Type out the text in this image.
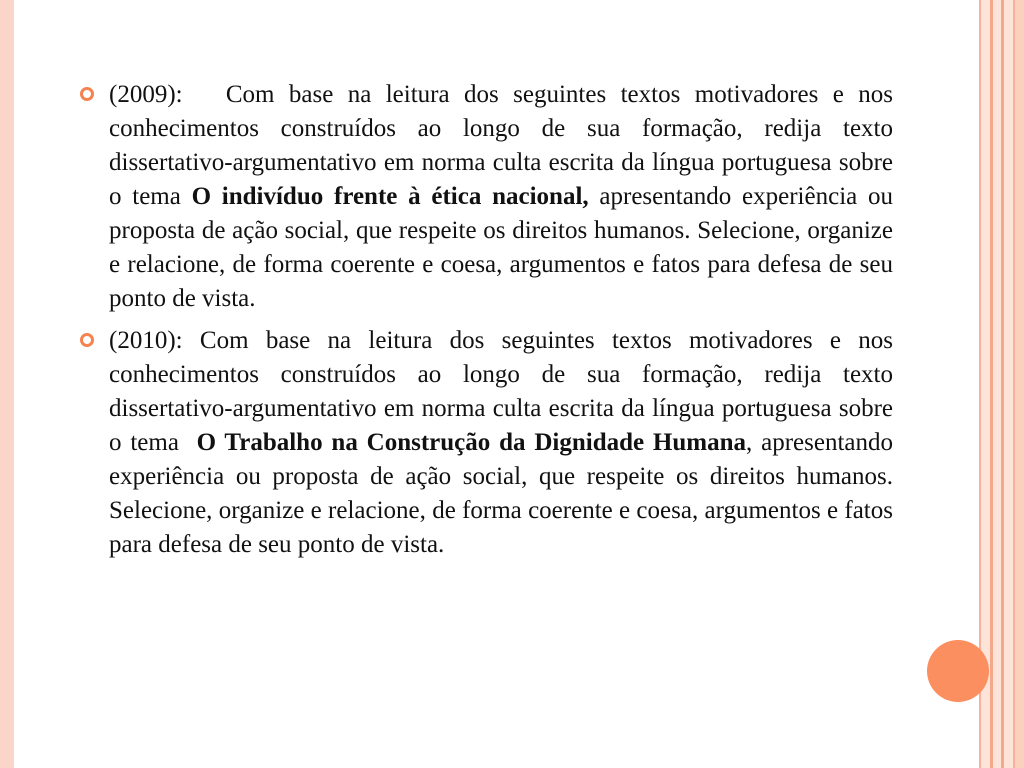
(2009):   Com base na leitura dos seguintes textos motivadores e nos conhecimentos construídos ao longo de sua formação, redija texto dissertativo-argumentativo em norma culta escrita da língua portuguesa sobre o tema O indivíduo frente à ética nacional, apresentando experiência ou proposta de ação social, que respeite os direitos humanos. Selecione, organize e relacione, de forma coerente e coesa, argumentos e fatos para defesa de seu ponto de vista.
(2010): Com base na leitura dos seguintes textos motivadores e nos conhecimentos construídos ao longo de sua formação, redija texto dissertativo-argumentativo em norma culta escrita da língua portuguesa sobre o tema  O Trabalho na Construção da Dignidade Humana, apresentando experiência ou proposta de ação social, que respeite os direitos humanos. Selecione, organize e relacione, de forma coerente e coesa, argumentos e fatos para defesa de seu ponto de vista.
